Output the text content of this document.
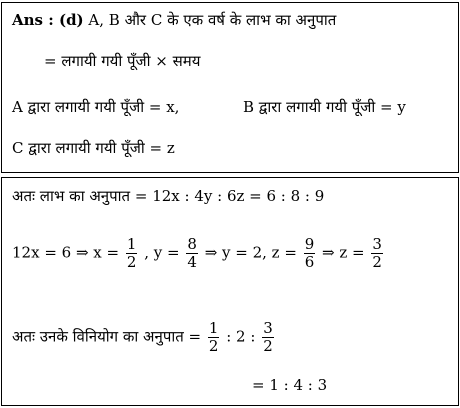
Ans : (d) A, B और C के एक वर्ष के लाभ का अनुपात
= लगायी गयी पूँजी × समय
A द्वारा लगायी गयी पूँजी = x,	B द्वारा लगायी गयी पूँजी = y
C द्वारा लगायी गयी पूँजी = z
अतः लाभ का अनुपात = 12x : 4y : 6z = 6 : 8 : 9
12x = 6 ⇒ $x = \frac{1}{2}$ , $y = \frac{8}{4}$ ⇒ y = 2, $z = \frac{9}{6}$ ⇒ $z = \frac{3}{2}$
अतः उनके विनियोग का अनुपात = $\frac{1}{2}$ : 2 : $\frac{3}{2}$
= 1 : 4 : 3
